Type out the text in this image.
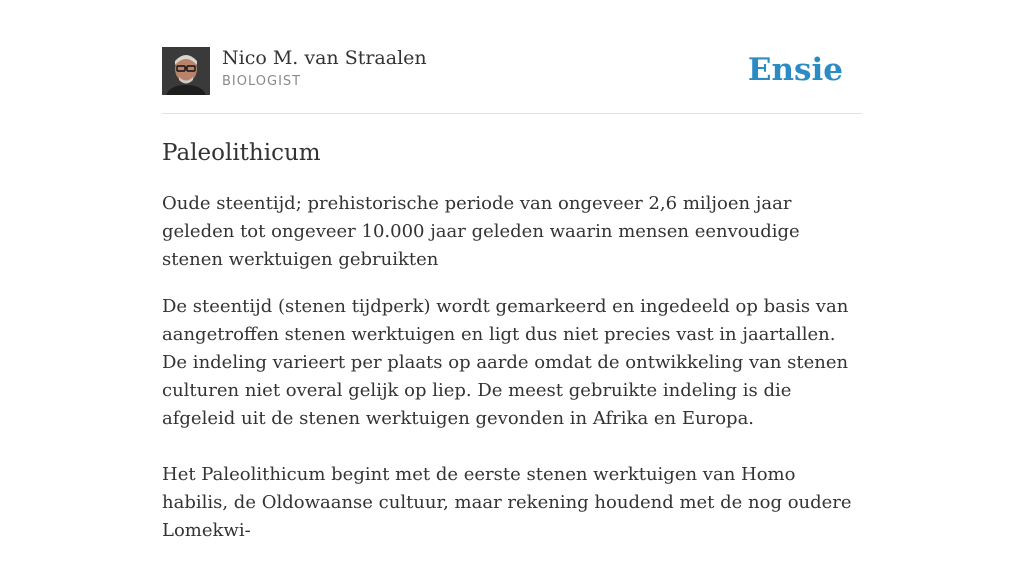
Nico M. van Straalen
BIOLOGIST	Ensie
Paleolithicum

Oude steentijd; prehistorische periode van ongeveer 2,6 miljoen jaar geleden tot ongeveer 10.000 jaar geleden waarin mensen eenvoudige stenen werktuigen gebruikten

De steentijd (stenen tijdperk) wordt gemarkeerd en ingedeeld op basis van aangetroffen stenen werktuigen en ligt dus niet precies vast in jaartallen. De indeling varieert per plaats op aarde omdat de ontwikkeling van stenen culturen niet overal gelijk op liep. De meest gebruikte indeling is die afgeleid uit de stenen werktuigen gevonden in Afrika en Europa.

Het Paleolithicum begint met de eerste stenen werktuigen van Homo habilis, de Oldowaanse cultuur, maar rekening houdend met de nog oudere Lomekwi-
